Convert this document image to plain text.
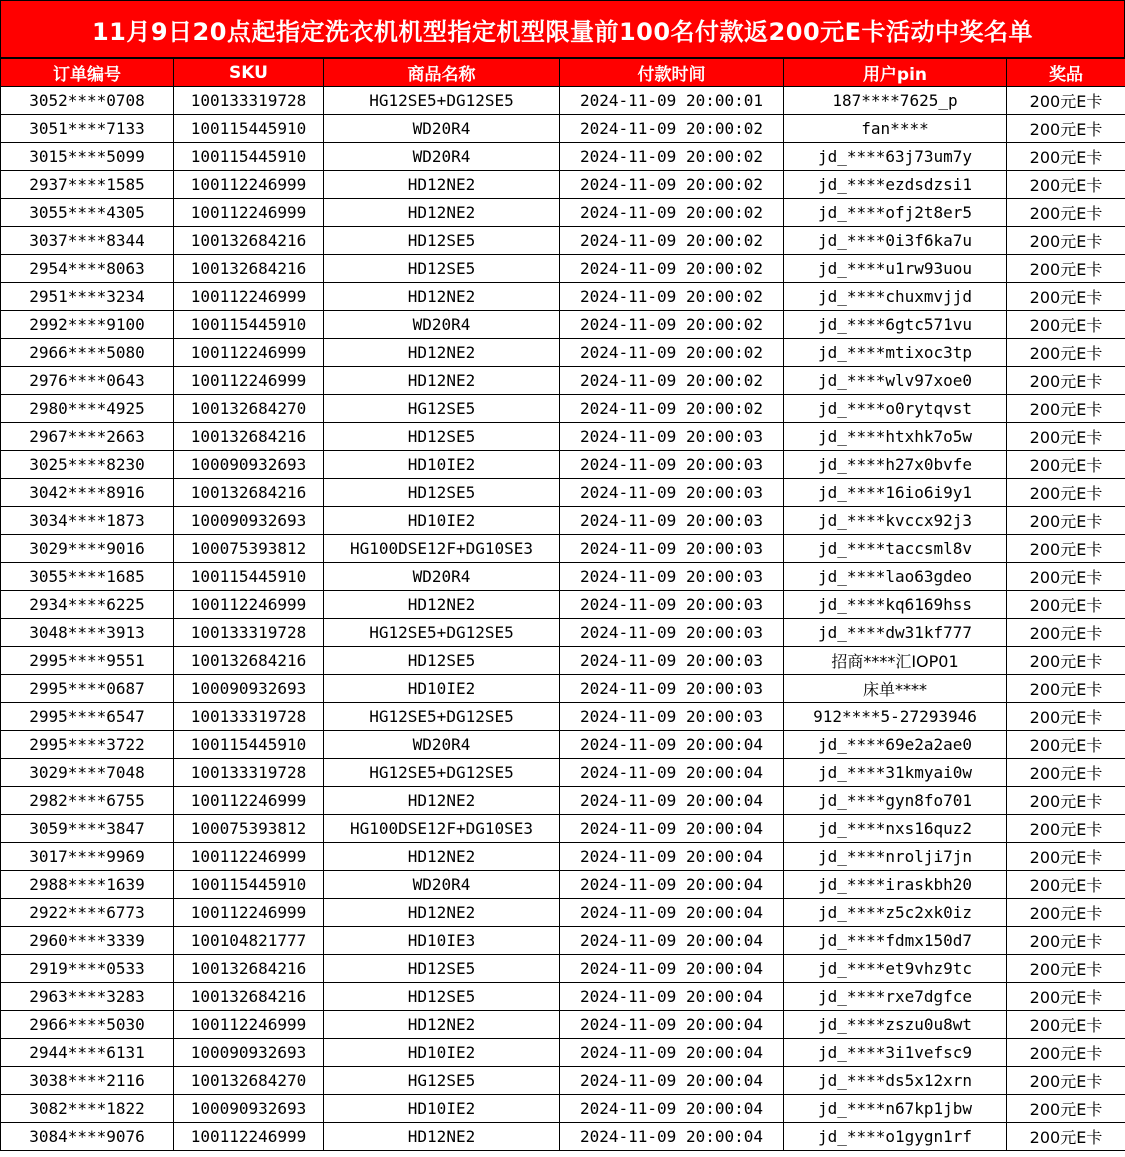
11月9日20点起指定洗衣机机型指定机型限量前100名付款返200元E卡活动中奖名单
订单编号	SKU	商品名称	付款时间	用户pin	奖品
3052****0708	100133319728	HG12SE5+DG12SE5	2024-11-09 20:00:01	187****7625_p	200元E卡
3051****7133	100115445910	WD20R4	2024-11-09 20:00:02	fan****	200元E卡
3015****5099	100115445910	WD20R4	2024-11-09 20:00:02	jd_****63j73um7y	200元E卡
2937****1585	100112246999	HD12NE2	2024-11-09 20:00:02	jd_****ezdsdzsi1	200元E卡
3055****4305	100112246999	HD12NE2	2024-11-09 20:00:02	jd_****ofj2t8er5	200元E卡
3037****8344	100132684216	HD12SE5	2024-11-09 20:00:02	jd_****0i3f6ka7u	200元E卡
2954****8063	100132684216	HD12SE5	2024-11-09 20:00:02	jd_****u1rw93uou	200元E卡
2951****3234	100112246999	HD12NE2	2024-11-09 20:00:02	jd_****chuxmvjjd	200元E卡
2992****9100	100115445910	WD20R4	2024-11-09 20:00:02	jd_****6gtc571vu	200元E卡
2966****5080	100112246999	HD12NE2	2024-11-09 20:00:02	jd_****mtixoc3tp	200元E卡
2976****0643	100112246999	HD12NE2	2024-11-09 20:00:02	jd_****wlv97xoe0	200元E卡
2980****4925	100132684270	HG12SE5	2024-11-09 20:00:02	jd_****o0rytqvst	200元E卡
2967****2663	100132684216	HD12SE5	2024-11-09 20:00:03	jd_****htxhk7o5w	200元E卡
3025****8230	100090932693	HD10IE2	2024-11-09 20:00:03	jd_****h27x0bvfe	200元E卡
3042****8916	100132684216	HD12SE5	2024-11-09 20:00:03	jd_****16io6i9y1	200元E卡
3034****1873	100090932693	HD10IE2	2024-11-09 20:00:03	jd_****kvccx92j3	200元E卡
3029****9016	100075393812	HG100DSE12F+DG10SE3	2024-11-09 20:00:03	jd_****taccsml8v	200元E卡
3055****1685	100115445910	WD20R4	2024-11-09 20:00:03	jd_****lao63gdeo	200元E卡
2934****6225	100112246999	HD12NE2	2024-11-09 20:00:03	jd_****kq6169hss	200元E卡
3048****3913	100133319728	HG12SE5+DG12SE5	2024-11-09 20:00:03	jd_****dw31kf777	200元E卡
2995****9551	100132684216	HD12SE5	2024-11-09 20:00:03	招商****汇IOP01	200元E卡
2995****0687	100090932693	HD10IE2	2024-11-09 20:00:03	床单****	200元E卡
2995****6547	100133319728	HG12SE5+DG12SE5	2024-11-09 20:00:03	912****5-27293946	200元E卡
2995****3722	100115445910	WD20R4	2024-11-09 20:00:04	jd_****69e2a2ae0	200元E卡
3029****7048	100133319728	HG12SE5+DG12SE5	2024-11-09 20:00:04	jd_****31kmyai0w	200元E卡
2982****6755	100112246999	HD12NE2	2024-11-09 20:00:04	jd_****gyn8fo701	200元E卡
3059****3847	100075393812	HG100DSE12F+DG10SE3	2024-11-09 20:00:04	jd_****nxs16quz2	200元E卡
3017****9969	100112246999	HD12NE2	2024-11-09 20:00:04	jd_****nrolji7jn	200元E卡
2988****1639	100115445910	WD20R4	2024-11-09 20:00:04	jd_****iraskbh20	200元E卡
2922****6773	100112246999	HD12NE2	2024-11-09 20:00:04	jd_****z5c2xk0iz	200元E卡
2960****3339	100104821777	HD10IE3	2024-11-09 20:00:04	jd_****fdmx150d7	200元E卡
2919****0533	100132684216	HD12SE5	2024-11-09 20:00:04	jd_****et9vhz9tc	200元E卡
2963****3283	100132684216	HD12SE5	2024-11-09 20:00:04	jd_****rxe7dgfce	200元E卡
2966****5030	100112246999	HD12NE2	2024-11-09 20:00:04	jd_****zszu0u8wt	200元E卡
2944****6131	100090932693	HD10IE2	2024-11-09 20:00:04	jd_****3i1vefsc9	200元E卡
3038****2116	100132684270	HG12SE5	2024-11-09 20:00:04	jd_****ds5x12xrn	200元E卡
3082****1822	100090932693	HD10IE2	2024-11-09 20:00:04	jd_****n67kp1jbw	200元E卡
3084****9076	100112246999	HD12NE2	2024-11-09 20:00:04	jd_****o1gygn1rf	200元E卡
